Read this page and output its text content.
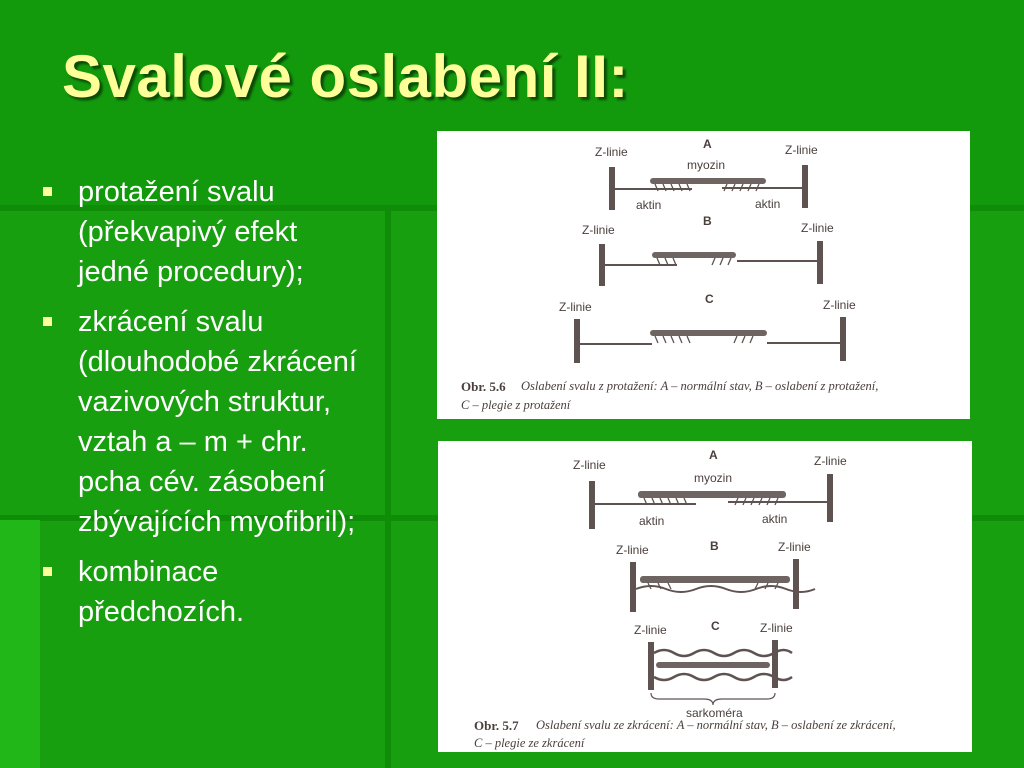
Svalové oslabení II:
protažení svalu
(překvapivý efekt
jedné procedury);
zkrácení svalu
(dlouhodobé zkrácení
vazivových struktur,
vztah a – m + chr.
pcha cév. zásobení
zbývajících myofibril);
kombinace
předchozích.
A
Z-linie	Z-linie
myozin
aktin	aktin
B
Z-linie	Z-linie
C
Z-linie	Z-linie
Obr. 5.6 Oslabení svalu z protažení: A – normální stav, B – oslabení z protažení,
C – plegie z protažení
A
Z-linie	Z-linie
myozin
aktin	aktin
B
Z-linie	Z-linie
C
Z-linie	Z-linie
sarkoméra
Obr. 5.7 Oslabení svalu ze zkrácení: A – normální stav, B – oslabení ze zkrácení,
C – plegie ze zkrácení
